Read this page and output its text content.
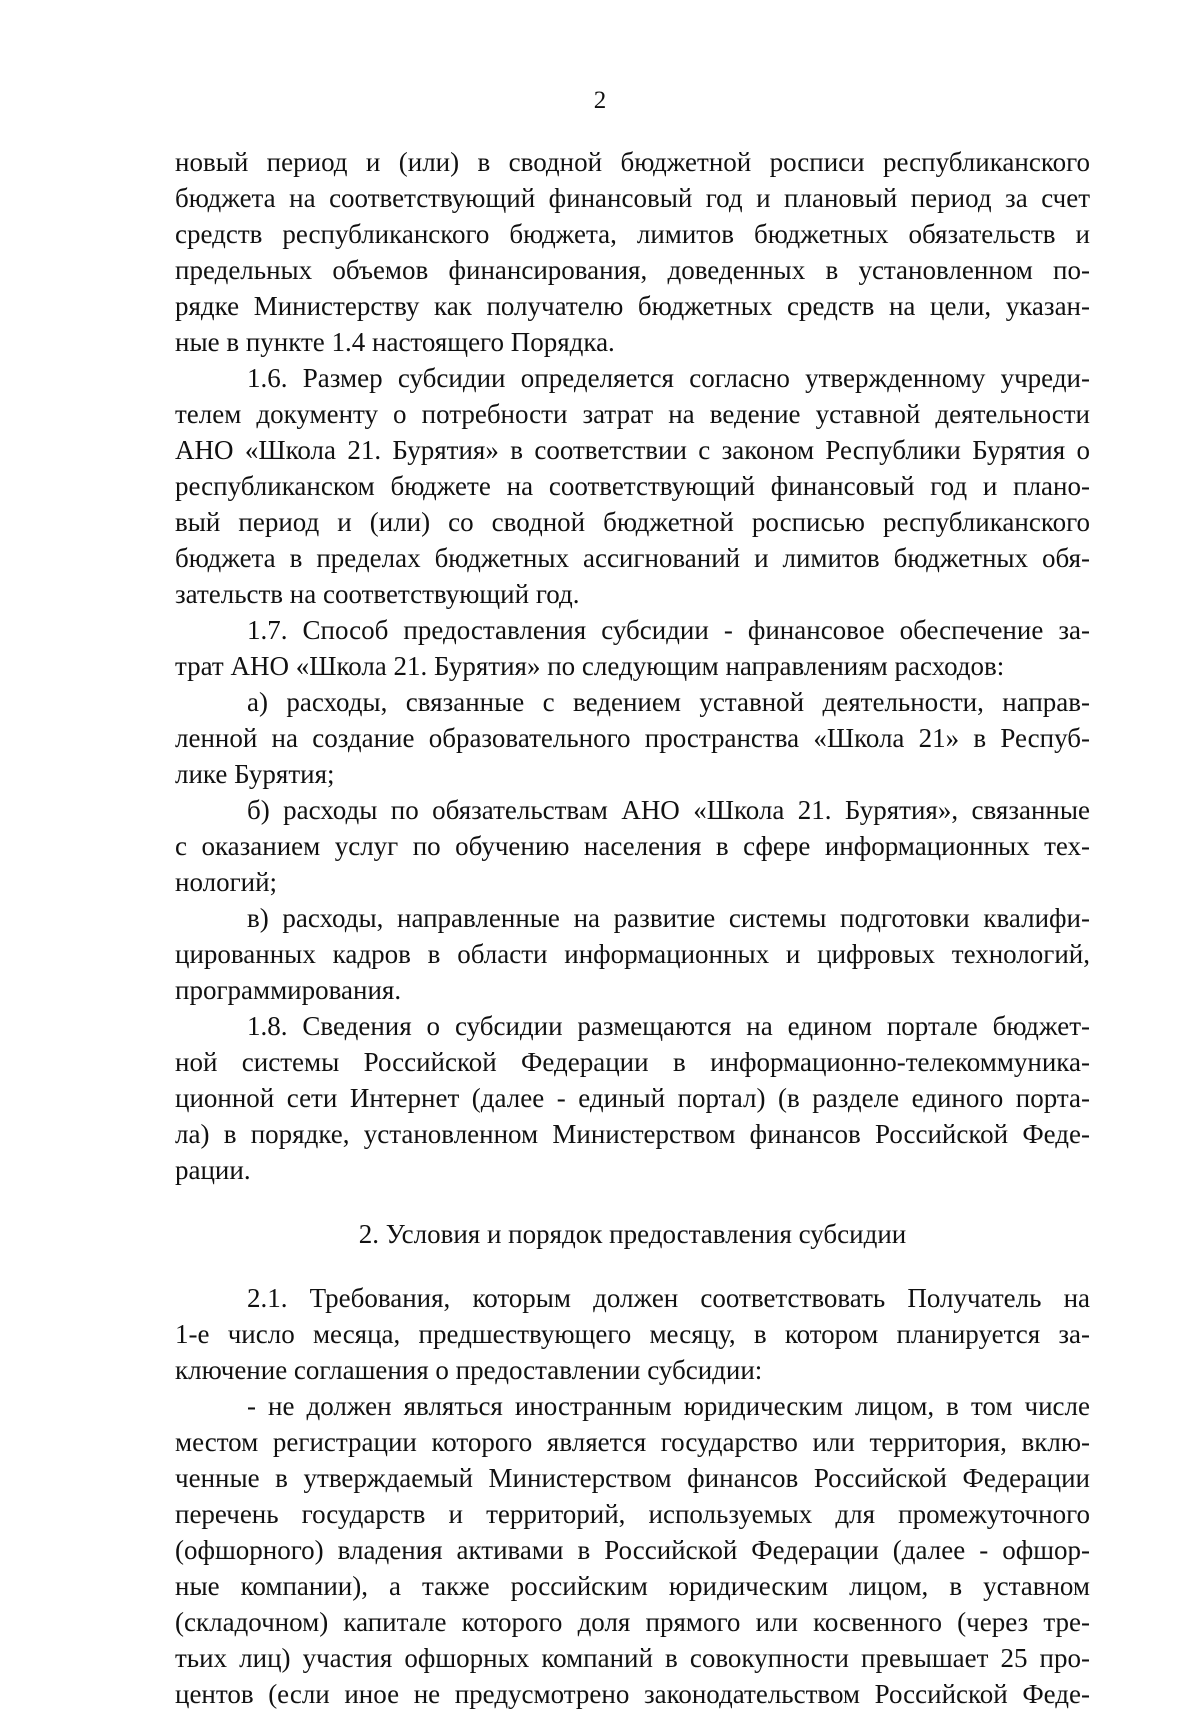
2
новый период и (или) в сводной бюджетной росписи республиканского
бюджета на соответствующий финансовый год и плановый период за счет
средств республиканского бюджета, лимитов бюджетных обязательств и
предельных объемов финансирования, доведенных в установленном по-
рядке Министерству как получателю бюджетных средств на цели, указан-
ные в пункте 1.4 настоящего Порядка.
1.6. Размер субсидии определяется согласно утвержденному учреди-
телем документу о потребности затрат на ведение уставной деятельности
АНО «Школа 21. Бурятия» в соответствии с законом Республики Бурятия о
республиканском бюджете на соответствующий финансовый год и плано-
вый период и (или) со сводной бюджетной росписью республиканского
бюджета в пределах бюджетных ассигнований и лимитов бюджетных обя-
зательств на соответствующий год.
1.7. Способ предоставления субсидии - финансовое обеспечение за-
трат АНО «Школа 21. Бурятия» по следующим направлениям расходов:
а) расходы, связанные с ведением уставной деятельности, направ-
ленной на создание образовательного пространства «Школа 21» в Респуб-
лике Бурятия;
б) расходы по обязательствам АНО «Школа 21. Бурятия», связанные
с оказанием услуг по обучению населения в сфере информационных тех-
нологий;
в) расходы, направленные на развитие системы подготовки квалифи-
цированных кадров в области информационных и цифровых технологий,
программирования.
1.8. Сведения о субсидии размещаются на едином портале бюджет-
ной системы Российской Федерации в информационно-телекоммуника-
ционной сети Интернет (далее - единый портал) (в разделе единого порта-
ла) в порядке, установленном Министерством финансов Российской Феде-
рации.
2. Условия и порядок предоставления субсидии
2.1. Требования, которым должен соответствовать Получатель на
1-е число месяца, предшествующего месяцу, в котором планируется за-
ключение соглашения о предоставлении субсидии:
- не должен являться иностранным юридическим лицом, в том числе
местом регистрации которого является государство или территория, вклю-
ченные в утверждаемый Министерством финансов Российской Федерации
перечень государств и территорий, используемых для промежуточного
(офшорного) владения активами в Российской Федерации (далее - офшор-
ные компании), а также российским юридическим лицом, в уставном
(складочном) капитале которого доля прямого или косвенного (через тре-
тьих лиц) участия офшорных компаний в совокупности превышает 25 про-
центов (если иное не предусмотрено законодательством Российской Феде-
